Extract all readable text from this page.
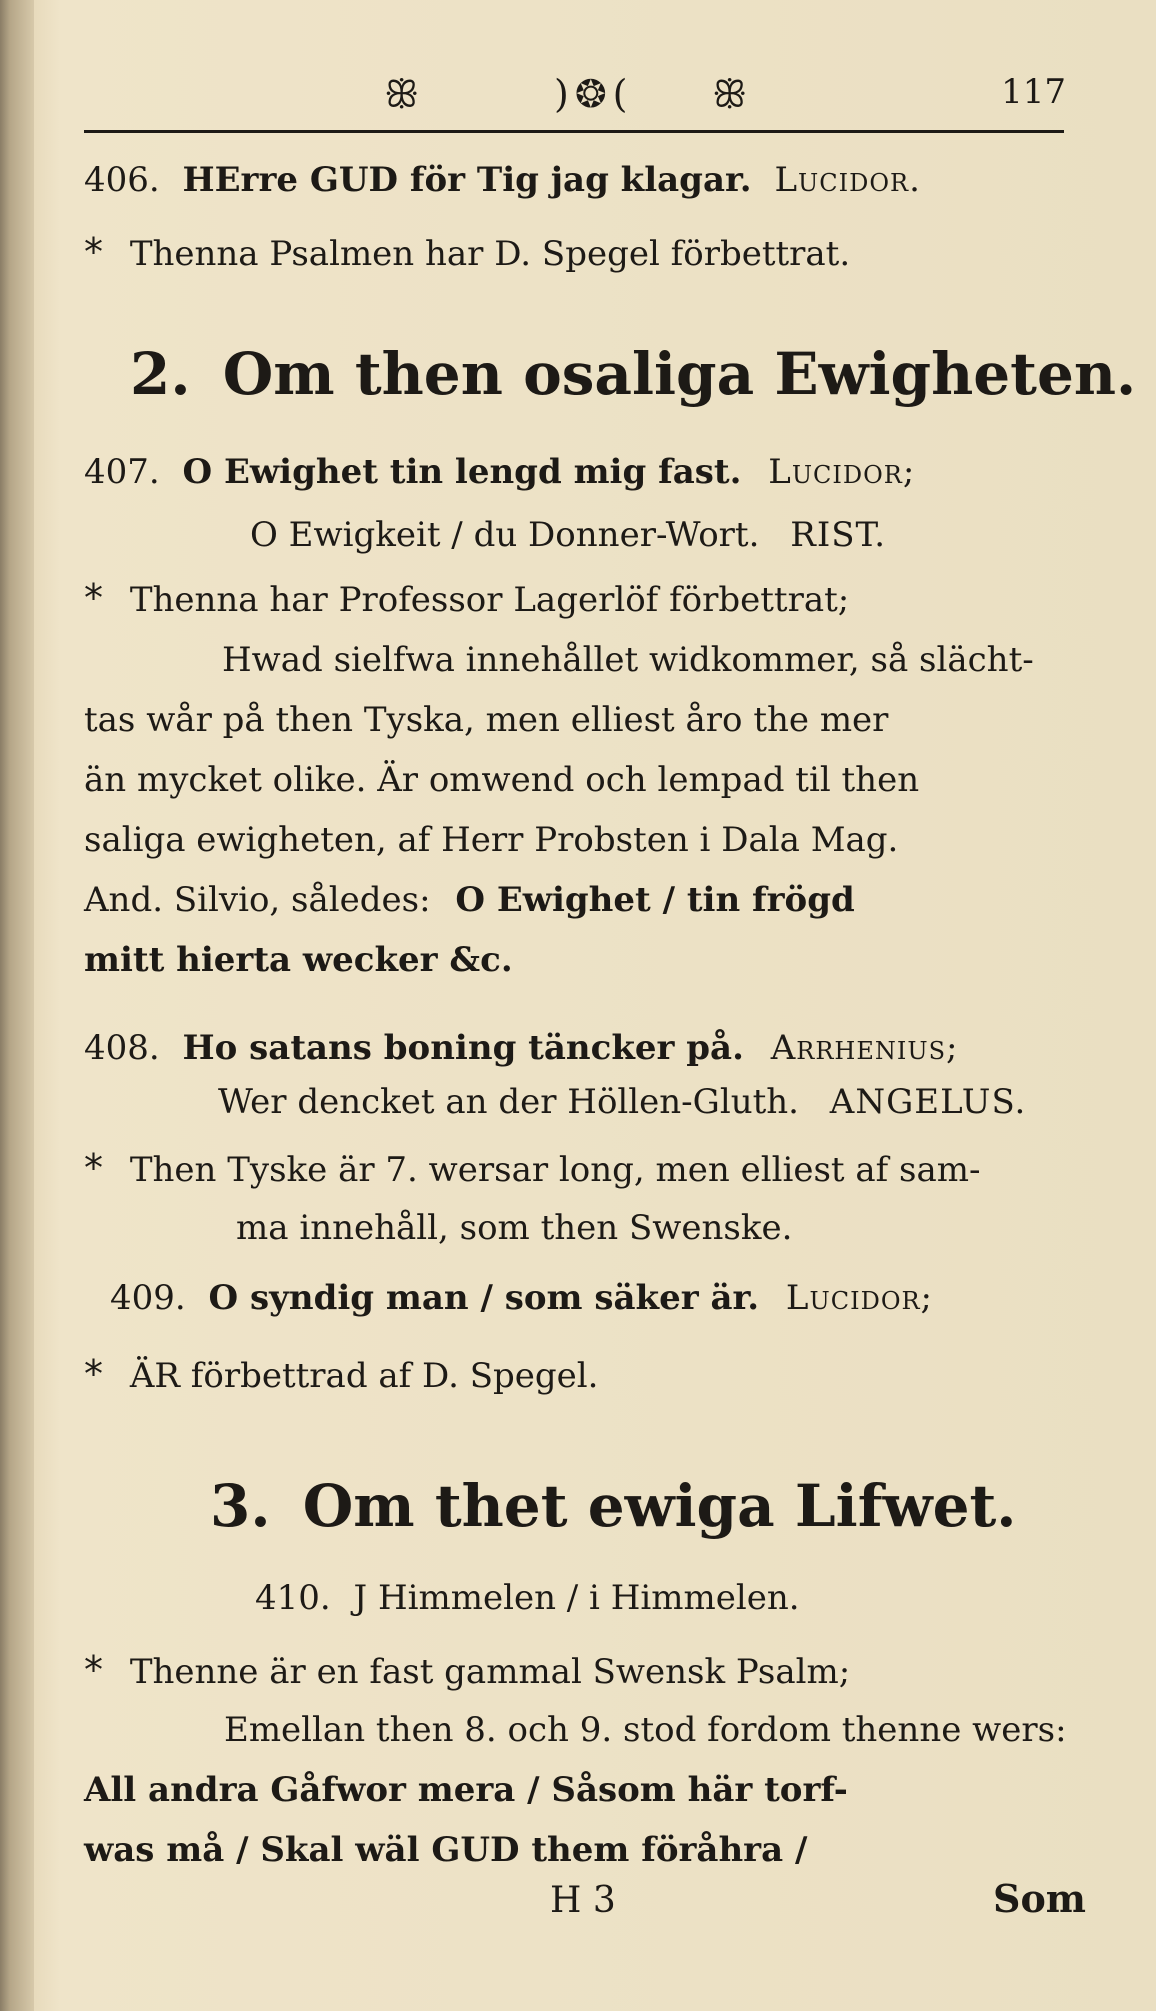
ꕥ	)❂( ꕥ	117
406. HErre GUD för Tig jag klagar. Lucidor.
* Thenna Psalmen har D. Spegel förbettrat.
2. Om then osaliga Ewigheten.
407. O Ewighet tin lengd mig fast. Lucidor;
O Ewigkeit / du Donner-Wort. RIST.
* Thenna har Professor Lagerlöf förbettrat;
Hwad sielfwa innehållet widkommer, så slächt-
tas wår på then Tyska, men elliest åro the mer
än mycket olike. Är omwend och lempad til then
saliga ewigheten, af Herr Probsten i Dala Mag.
And. Silvio, således: O Ewighet / tin frögd
mitt hierta wecker &c.
408. Ho satans boning täncker på. Arrhenius;
Wer dencket an der Höllen-Gluth. ANGELUS.
* Then Tyske är 7. wersar long, men elliest af sam-
ma innehåll, som then Swenske.
409. O syndig man / som säker är. Lucidor;
* ÄR förbettrad af D. Spegel.
3. Om thet ewiga Lifwet.
410. J Himmelen / i Himmelen.
* Thenne är en fast gammal Swensk Psalm;
Emellan then 8. och 9. stod fordom thenne wers:
All andra Gåfwor mera / Såsom här torf-
was må / Skal wäl GUD them föråhra /
H 3	Som
